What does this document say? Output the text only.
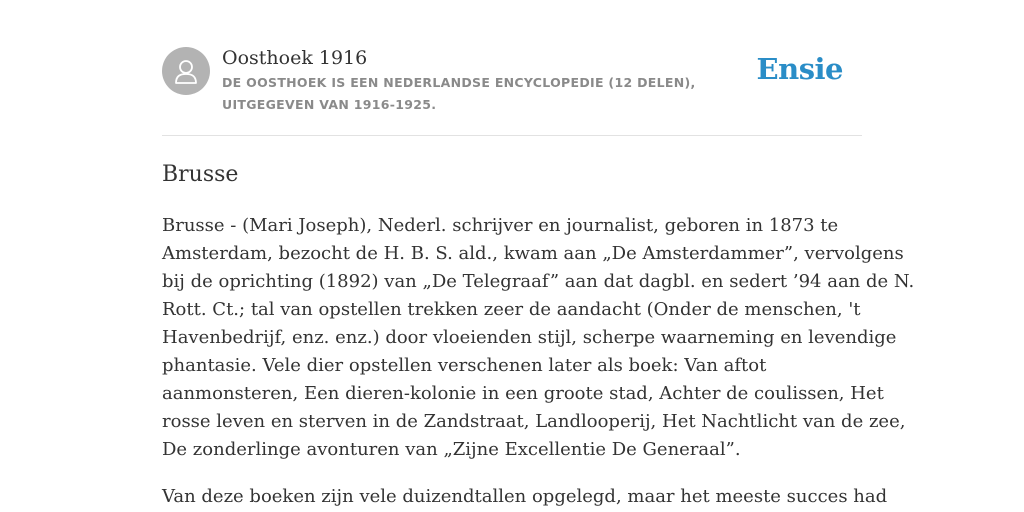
Oosthoek 1916
DE OOSTHOEK IS EEN NEDERLANDSE ENCYCLOPEDIE (12 DELEN), UITGEGEVEN VAN 1916-1925.
Ensie
Brusse

Brusse - (Mari Joseph), Nederl. schrijver en journalist, geboren in 1873 te
Amsterdam, bezocht de H. B. S. ald., kwam aan „De Amsterdammer”, vervolgens
bij de oprichting (1892) van „De Telegraaf” aan dat dagbl. en sedert ’94 aan de N.
Rott. Ct.; tal van opstellen trekken zeer de aandacht (Onder de menschen, 't
Havenbedrijf, enz. enz.) door vloeienden stijl, scherpe waarneming en levendige
phantasie. Vele dier opstellen verschenen later als boek: Van aftot
aanmonsteren, Een dieren-kolonie in een groote stad, Achter de coulissen, Het
rosse leven en sterven in de Zandstraat, Landlooperij, Het Nachtlicht van de zee,
De zonderlinge avonturen van „Zijne Excellentie De Generaal”.

Van deze boeken zijn vele duizendtallen opgelegd, maar het meeste succes had
